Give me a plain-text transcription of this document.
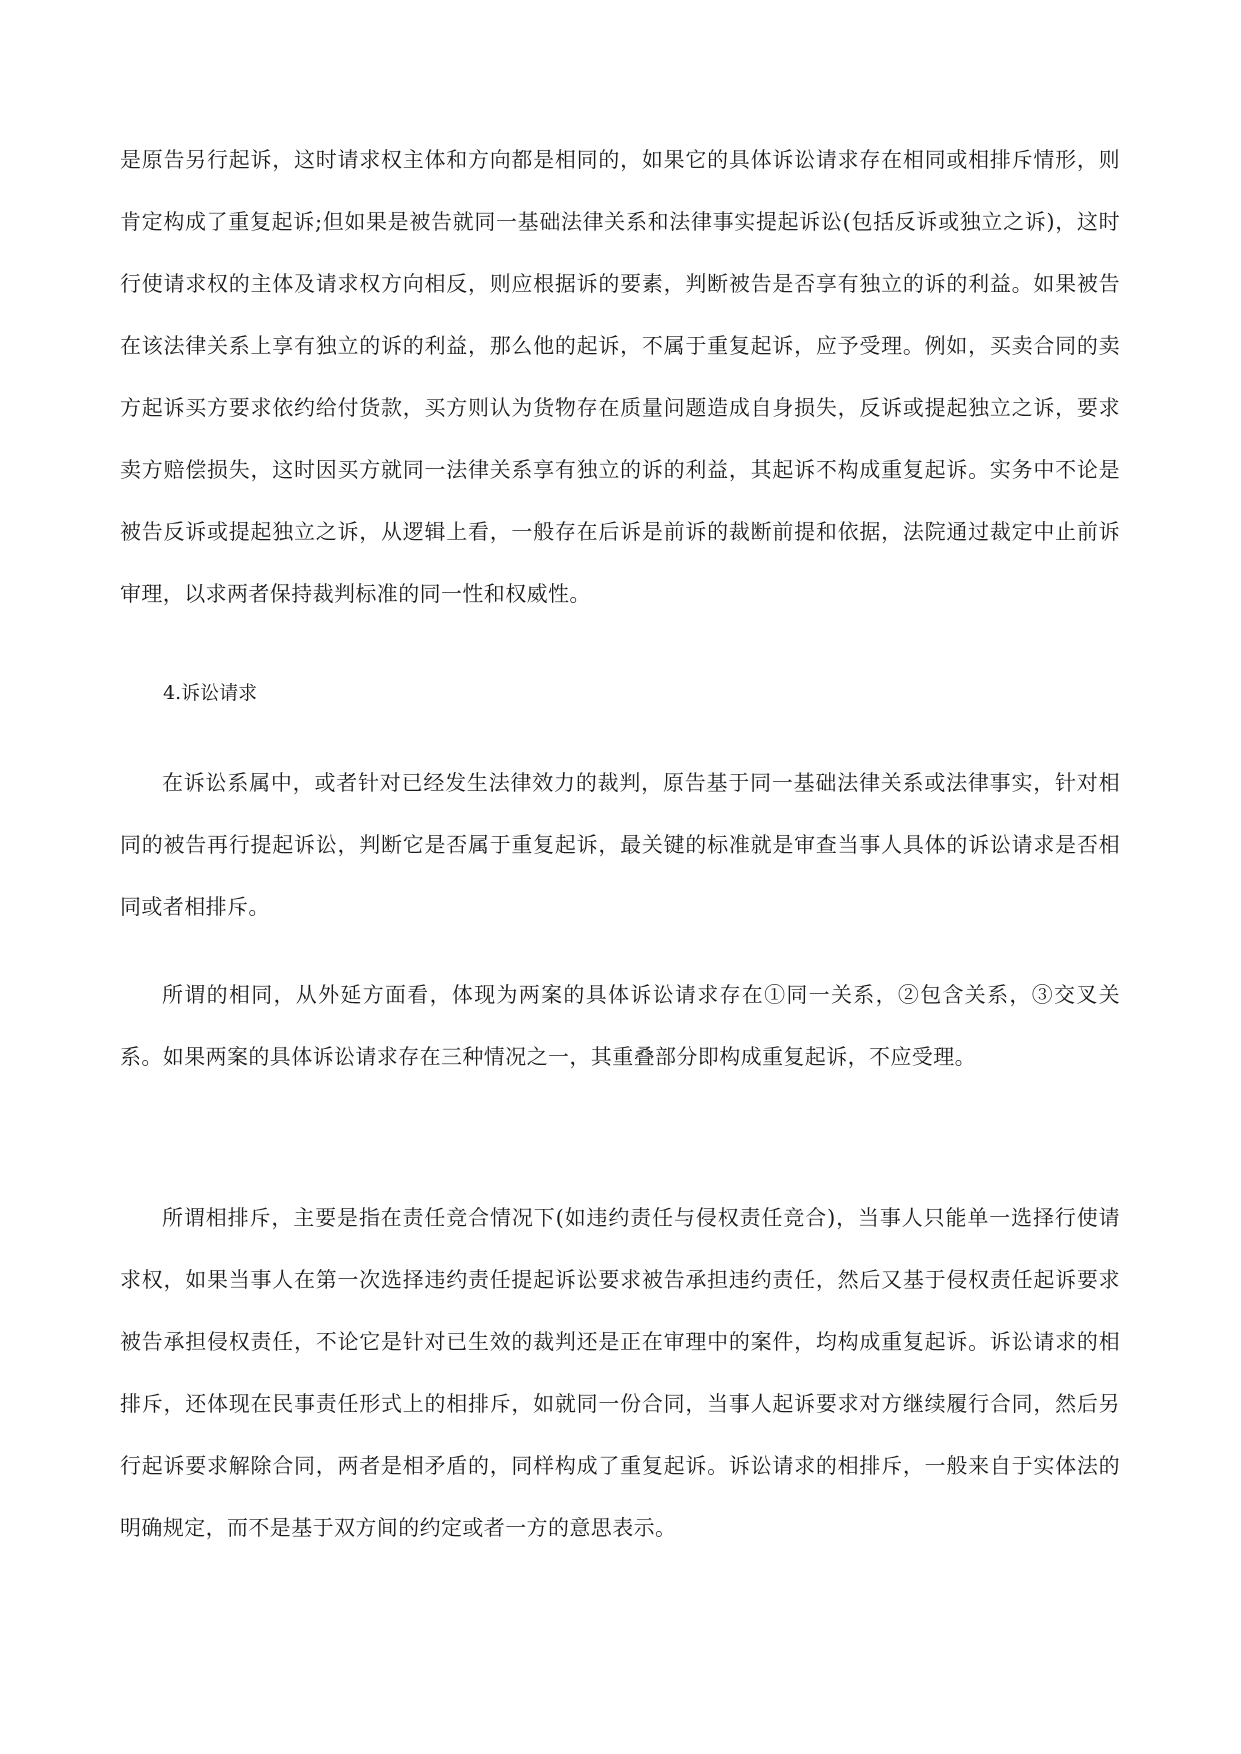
是原告另行起诉，这时请求权主体和方向都是相同的，如果它的具体诉讼请求存在相同或相排斥情形，则肯定构成了重复起诉;但如果是被告就同一基础法律关系和法律事实提起诉讼(包括反诉或独立之诉)，这时行使请求权的主体及请求权方向相反，则应根据诉的要素，判断被告是否享有独立的诉的利益。如果被告在该法律关系上享有独立的诉的利益，那么他的起诉，不属于重复起诉，应予受理。例如，买卖合同的卖方起诉买方要求依约给付货款，买方则认为货物存在质量问题造成自身损失，反诉或提起独立之诉，要求卖方赔偿损失，这时因买方就同一法律关系享有独立的诉的利益，其起诉不构成重复起诉。实务中不论是被告反诉或提起独立之诉，从逻辑上看，一般存在后诉是前诉的裁断前提和依据，法院通过裁定中止前诉审理，以求两者保持裁判标准的同一性和权威性。

4.诉讼请求

在诉讼系属中，或者针对已经发生法律效力的裁判，原告基于同一基础法律关系或法律事实，针对相同的被告再行提起诉讼，判断它是否属于重复起诉，最关键的标准就是审查当事人具体的诉讼请求是否相同或者相排斥。

所谓的相同，从外延方面看，体现为两案的具体诉讼请求存在①同一关系，②包含关系，③交叉关系。如果两案的具体诉讼请求存在三种情况之一，其重叠部分即构成重复起诉，不应受理。

所谓相排斥，主要是指在责任竞合情况下(如违约责任与侵权责任竞合)，当事人只能单一选择行使请求权，如果当事人在第一次选择违约责任提起诉讼要求被告承担违约责任，然后又基于侵权责任起诉要求被告承担侵权责任，不论它是针对已生效的裁判还是正在审理中的案件，均构成重复起诉。诉讼请求的相排斥，还体现在民事责任形式上的相排斥，如就同一份合同，当事人起诉要求对方继续履行合同，然后另行起诉要求解除合同，两者是相矛盾的，同样构成了重复起诉。诉讼请求的相排斥，一般来自于实体法的明确规定，而不是基于双方间的约定或者一方的意思表示。
